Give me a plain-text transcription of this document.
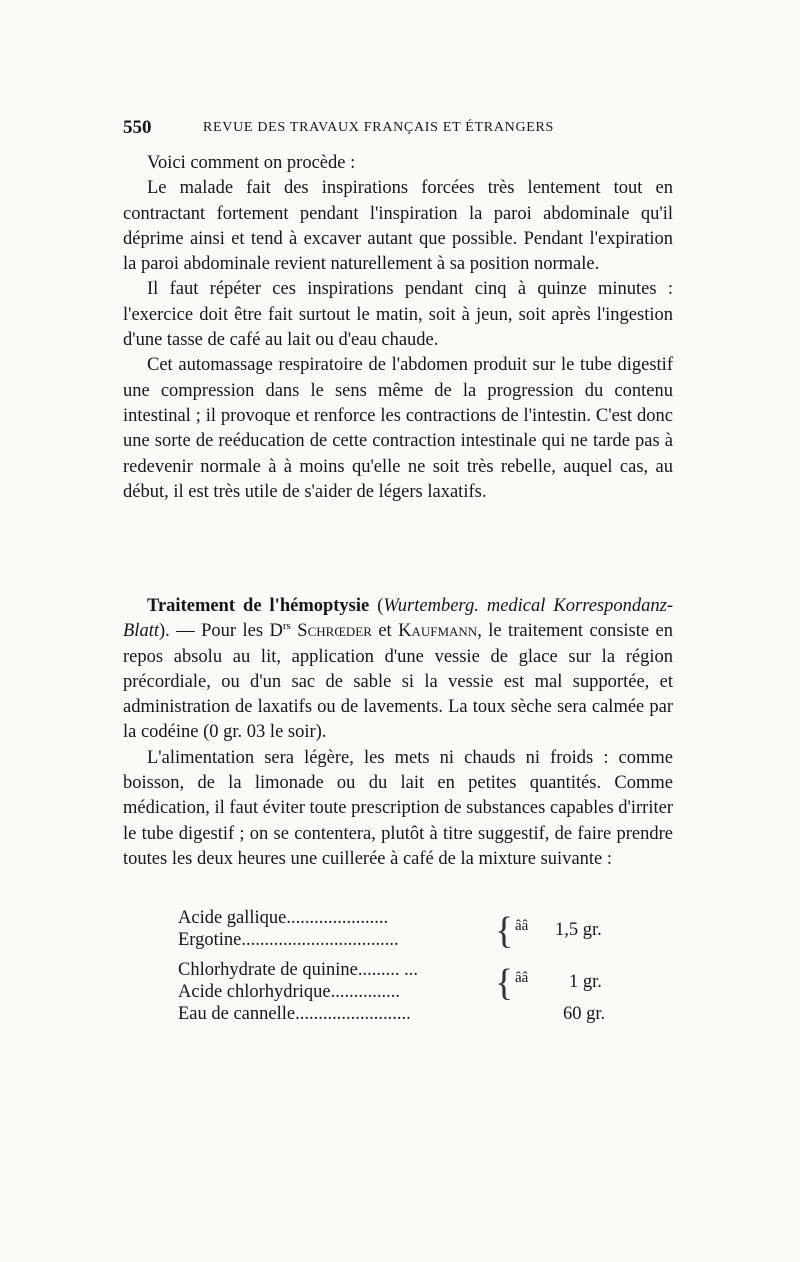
550	REVUE DES TRAVAUX FRANÇAIS ET ÉTRANGERS

Voici comment on procède :

Le malade fait des inspirations forcées très lentement tout en contractant fortement pendant l'inspiration la paroi abdominale qu'il déprime ainsi et tend à excaver autant que possible. Pendant l'expiration la paroi abdominale revient naturellement à sa position normale.

Il faut répéter ces inspirations pendant cinq à quinze minutes : l'exercice doit être fait surtout le matin, soit à jeun, soit après l'ingestion d'une tasse de café au lait ou d'eau chaude.

Cet automassage respiratoire de l'abdomen produit sur le tube digestif une compression dans le sens même de la progression du contenu intestinal ; il provoque et renforce les contractions de l'intestin. C'est donc une sorte de reéducation de cette contraction intestinale qui ne tarde pas à redevenir normale à à moins qu'elle ne soit très rebelle, auquel cas, au début, il est très utile de s'aider de légers laxatifs.

Traitement de l'hémoptysie (Wurtemberg. medical Korrespondanz-Blatt). — Pour les $D^{rs}$ Schrœder et Kaufmann, le traitement consiste en repos absolu au lit, application d'une vessie de glace sur la région précordiale, ou d'un sac de sable si la vessie est mal supportée, et administration de laxatifs ou de lavements. La toux sèche sera calmée par la codéine (0 gr. 03 le soir).

L'alimentation sera légère, les mets ni chauds ni froids : comme boisson, de la limonade ou du lait en petites quantités. Comme médication, il faut éviter toute prescription de substances capables d'irriter le tube digestif ; on se contentera, plutôt à titre suggestif, de faire prendre toutes les deux heures une cuillerée à café de la mixture suivante :

Acide gallique......................
Ergotine..................................
Chlorhydrate de quinine......... ...
Acide chlorhydrique...............
Eau de cannelle.........................
{
{
ââ 1,5 gr.
ââ 1 gr.
60 gr.
